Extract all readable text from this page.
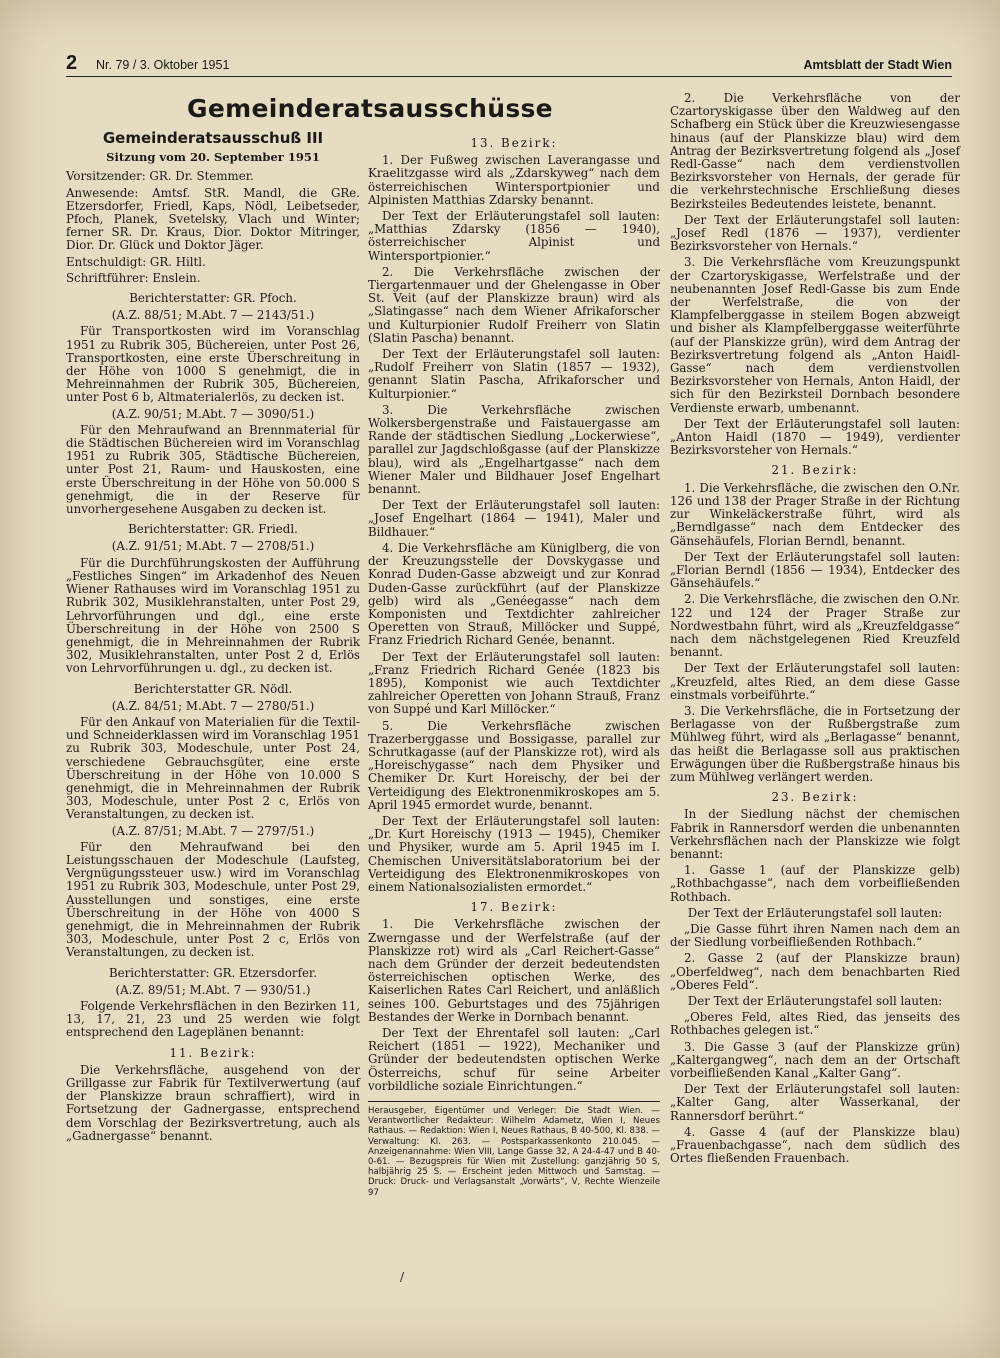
2 Nr. 79 / 3. Oktober 1951	Amtsblatt der Stadt Wien
Gemeinderatsausschüsse
Gemeinderatsausschuß III
Sitzung vom 20. September 1951

Vorsitzender: GR. Dr. Stemmer.

Anwesende: Amtsf. StR. Mandl, die GRe. Etzersdorfer, Friedl, Kaps, Nödl, Leibetseder, Pfoch, Planek, Svetelsky, Vlach und Winter; ferner SR. Dr. Kraus, Dior. Doktor Mitringer, Dior. Dr. Glück und Doktor Jäger.

Entschuldigt: GR. Hiltl.

Schriftführer: Enslein.

Berichterstatter: GR. Pfoch.

(A.Z. 88/51; M.Abt. 7 — 2143/51.)

Für Transportkosten wird im Voranschlag 1951 zu Rubrik 305, Büchereien, unter Post 26, Transportkosten, eine erste Überschreitung in der Höhe von 1000 S genehmigt, die in Mehreinnahmen der Rubrik 305, Büchereien, unter Post 6 b, Altmaterialerlös, zu decken ist.

(A.Z. 90/51; M.Abt. 7 — 3090/51.)

Für den Mehraufwand an Brennmaterial für die Städtischen Büchereien wird im Voranschlag 1951 zu Rubrik 305, Städtische Büchereien, unter Post 21, Raum- und Hauskosten, eine erste Überschreitung in der Höhe von 50.000 S genehmigt, die in der Reserve für unvorhergesehene Ausgaben zu decken ist.

Berichterstatter: GR. Friedl.

(A.Z. 91/51; M.Abt. 7 — 2708/51.)

Für die Durchführungskosten der Aufführung „Festliches Singen“ im Arkadenhof des Neuen Wiener Rathauses wird im Voranschlag 1951 zu Rubrik 302, Musiklehranstalten, unter Post 29, Lehrvorführungen und dgl., eine erste Überschreitung in der Höhe von 2500 S genehmigt, die in Mehreinnahmen der Rubrik 302, Musiklehranstalten, unter Post 2 d, Erlös von Lehrvorführungen u. dgl., zu decken ist.

Berichterstatter GR. Nödl.

(A.Z. 84/51; M.Abt. 7 — 2780/51.)

Für den Ankauf von Materialien für die Textil- und Schneiderklassen wird im Voranschlag 1951 zu Rubrik 303, Modeschule, unter Post 24, verschiedene Gebrauchsgüter, eine erste Überschreitung in der Höhe von 10.000 S genehmigt, die in Mehreinnahmen der Rubrik 303, Modeschule, unter Post 2 c, Erlös von Veranstaltungen, zu decken ist.

(A.Z. 87/51; M.Abt. 7 — 2797/51.)

Für den Mehraufwand bei den Leistungsschauen der Modeschule (Laufsteg, Vergnügungssteuer usw.) wird im Voranschlag 1951 zu Rubrik 303, Modeschule, unter Post 29, Ausstellungen und sonstiges, eine erste Überschreitung in der Höhe von 4000 S genehmigt, die in Mehreinnahmen der Rubrik 303, Modeschule, unter Post 2 c, Erlös von Veranstaltungen, zu decken ist.

Berichterstatter: GR. Etzersdorfer.

(A.Z. 89/51; M.Abt. 7 — 930/51.)

Folgende Verkehrsflächen in den Bezirken 11, 13, 17, 21, 23 und 25 werden wie folgt entsprechend den Lageplänen benannt:

11. Bezirk:

Die Verkehrsfläche, ausgehend von der Grillgasse zur Fabrik für Textilverwertung (auf der Planskizze braun schraffiert), wird in Fortsetzung der Gadnergasse, entsprechend dem Vorschlag der Bezirksvertretung, auch als „Gadnergasse“ benannt.

13. Bezirk:

1. Der Fußweg zwischen Laverangasse und Kraelitzgasse wird als „Zdarskyweg“ nach dem österreichischen Wintersportpionier und Alpinisten Matthias Zdarsky benannt.

Der Text der Erläuterungstafel soll lauten: „Matthias Zdarsky (1856 — 1940), österreichischer Alpinist und Wintersportpionier.“

2. Die Verkehrsfläche zwischen der Tiergartenmauer und der Ghelengasse in Ober St. Veit (auf der Planskizze braun) wird als „Slatingasse“ nach dem Wiener Afrikaforscher und Kulturpionier Rudolf Freiherr von Slatin (Slatin Pascha) benannt.

Der Text der Erläuterungstafel soll lauten: „Rudolf Freiherr von Slatin (1857 — 1932), genannt Slatin Pascha, Afrikaforscher und Kulturpionier.“

3. Die Verkehrsfläche zwischen Wolkersbergenstraße und Faistauergasse am Rande der städtischen Siedlung „Lockerwiese“, parallel zur Jagdschloßgasse (auf der Planskizze blau), wird als „Engelhartgasse“ nach dem Wiener Maler und Bildhauer Josef Engelhart benannt.

Der Text der Erläuterungstafel soll lauten: „Josef Engelhart (1864 — 1941), Maler und Bildhauer.“

4. Die Verkehrsfläche am Küniglberg, die von der Kreuzungsstelle der Dovskygasse und Konrad Duden-Gasse abzweigt und zur Konrad Duden-Gasse zurückführt (auf der Planskizze gelb) wird als „Genéegasse“ nach dem Komponisten und Textdichter zahlreicher Operetten von Strauß, Millöcker und Suppé, Franz Friedrich Richard Genée, benannt.

Der Text der Erläuterungstafel soll lauten: „Franz Friedrich Richard Genée (1823 bis 1895), Komponist wie auch Textdichter zahlreicher Operetten von Johann Strauß, Franz von Suppé und Karl Millöcker.“

5. Die Verkehrsfläche zwischen Trazerberggasse und Bossigasse, parallel zur Schrutkagasse (auf der Planskizze rot), wird als „Horeischygasse“ nach dem Physiker und Chemiker Dr. Kurt Horeischy, der bei der Verteidigung des Elektronenmikroskopes am 5. April 1945 ermordet wurde, benannt.

Der Text der Erläuterungstafel soll lauten: „Dr. Kurt Horeischy (1913 — 1945), Chemiker und Physiker, wurde am 5. April 1945 im I. Chemischen Universitätslaboratorium bei der Verteidigung des Elektronenmikroskopes von einem Nationalsozialisten ermordet.“

17. Bezirk:

1. Die Verkehrsfläche zwischen der Zwerngasse und der Werfelstraße (auf der Planskizze rot) wird als „Carl Reichert-Gasse“ nach dem Gründer der derzeit bedeutendsten österreichischen optischen Werke, des Kaiserlichen Rates Carl Reichert, und anläßlich seines 100. Geburtstages und des 75jährigen Bestandes der Werke in Dornbach benannt.

Der Text der Ehrentafel soll lauten: „Carl Reichert (1851 — 1922), Mechaniker und Gründer der bedeutendsten optischen Werke Österreichs, schuf für seine Arbeiter vorbildliche soziale Einrichtungen.“

Herausgeber, Eigentümer und Verleger: Die Stadt Wien. — Verantwortlicher Redakteur: Wilhelm Adametz, Wien I, Neues Rathaus. — Redaktion: Wien I, Neues Rathaus, B 40-500, Kl. 838. — Verwaltung: Kl. 263. — Postsparkassenkonto 210.045. — Anzeigenannahme: Wien VIII, Lange Gasse 32, A 24-4-47 und B 40-0-61. — Bezugspreis für Wien mit Zustellung: ganzjährig 50 S, halbjährig 25 S. — Erscheint jeden Mittwoch und Samstag. — Druck: Druck- und Verlagsanstalt „Vorwärts“, V, Rechte Wienzeile 97

2. Die Verkehrsfläche von der Czartoryskigasse über den Waldweg auf den Schafberg ein Stück über die Kreuzwiesengasse hinaus (auf der Planskizze blau) wird dem Antrag der Bezirksvertretung folgend als „Josef Redl-Gasse“ nach dem verdienstvollen Bezirksvorsteher von Hernals, der gerade für die verkehrstechnische Erschließung dieses Bezirksteiles Bedeutendes leistete, benannt.

Der Text der Erläuterungstafel soll lauten: „Josef Redl (1876 — 1937), verdienter Bezirksvorsteher von Hernals.“

3. Die Verkehrsfläche vom Kreuzungspunkt der Czartoryskigasse, Werfelstraße und der neubenannten Josef Redl-Gasse bis zum Ende der Werfelstraße, die von der Klampfelberggasse in steilem Bogen abzweigt und bisher als Klampfelberggasse weiterführte (auf der Planskizze grün), wird dem Antrag der Bezirksvertretung folgend als „Anton Haidl-Gasse“ nach dem verdienstvollen Bezirksvorsteher von Hernals, Anton Haidl, der sich für den Bezirksteil Dornbach besondere Verdienste erwarb, umbenannt.

Der Text der Erläuterungstafel soll lauten: „Anton Haidl (1870 — 1949), verdienter Bezirksvorsteher von Hernals.“

21. Bezirk:

1. Die Verkehrsfläche, die zwischen den O.Nr. 126 und 138 der Prager Straße in der Richtung zur Winkeläckerstraße führt, wird als „Berndlgasse“ nach dem Entdecker des Gänsehäufels, Florian Berndl, benannt.

Der Text der Erläuterungstafel soll lauten: „Florian Berndl (1856 — 1934), Entdecker des Gänsehäufels.“

2. Die Verkehrsfläche, die zwischen den O.Nr. 122 und 124 der Prager Straße zur Nordwestbahn führt, wird als „Kreuzfeldgasse“ nach dem nächstgelegenen Ried Kreuzfeld benannt.

Der Text der Erläuterungstafel soll lauten: „Kreuzfeld, altes Ried, an dem diese Gasse einstmals vorbeiführte.“

3. Die Verkehrsfläche, die in Fortsetzung der Berlagasse von der Rußbergstraße zum Mühlweg führt, wird als „Berlagasse“ benannt, das heißt die Berlagasse soll aus praktischen Erwägungen über die Rußbergstraße hinaus bis zum Mühlweg verlängert werden.

23. Bezirk:

In der Siedlung nächst der chemischen Fabrik in Rannersdorf werden die unbenannten Verkehrsflächen nach der Planskizze wie folgt benannt:

1. Gasse 1 (auf der Planskizze gelb) „Rothbachgasse“, nach dem vorbeifließenden Rothbach.

Der Text der Erläuterungstafel soll lauten:

„Die Gasse führt ihren Namen nach dem an der Siedlung vorbeifließenden Rothbach.“

2. Gasse 2 (auf der Planskizze braun) „Oberfeldweg“, nach dem benachbarten Ried „Oberes Feld“.

Der Text der Erläuterungstafel soll lauten:

„Oberes Feld, altes Ried, das jenseits des Rothbaches gelegen ist.“

3. Die Gasse 3 (auf der Planskizze grün) „Kaltergangweg“, nach dem an der Ortschaft vorbeifließenden Kanal „Kalter Gang“.

Der Text der Erläuterungstafel soll lauten: „Kalter Gang, alter Wasserkanal, der Rannersdorf berührt.“

4. Gasse 4 (auf der Planskizze blau) „Frauenbachgasse“, nach dem südlich des Ortes fließenden Frauenbach.

/
